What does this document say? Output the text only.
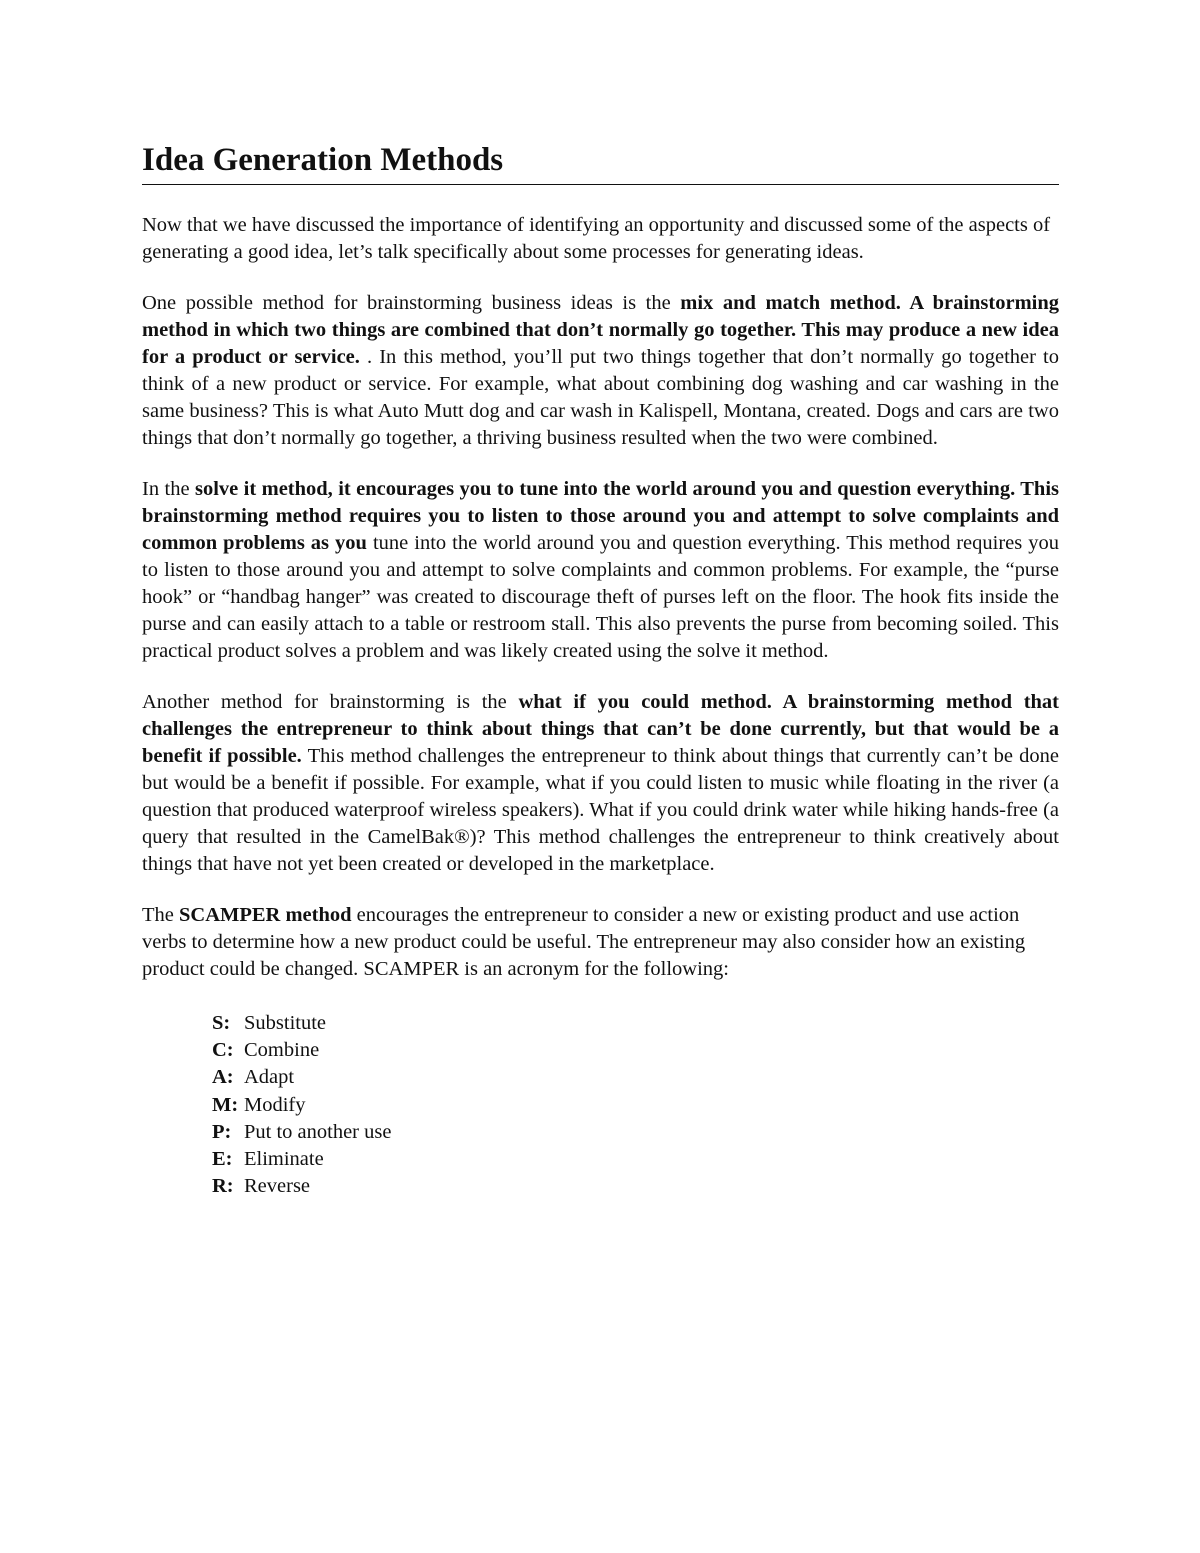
Idea Generation Methods

Now that we have discussed the importance of identifying an opportunity and discussed some of the aspects of generating a good idea, let’s talk specifically about some processes for generating ideas.

One possible method for brainstorming business ideas is the mix and match method. A brainstorming method in which two things are combined that don’t normally go together. This may produce a new idea for a product or service. . In this method, you’ll put two things together that don’t normally go together to think of a new product or service. For example, what about combining dog washing and car washing in the same business? This is what Auto Mutt dog and car wash in Kalispell, Montana, created. Dogs and cars are two things that don’t normally go together, a thriving business resulted when the two were combined.

In the solve it method, it encourages you to tune into the world around you and question everything. This brainstorming method requires you to listen to those around you and attempt to solve complaints and common problems as you tune into the world around you and question everything. This method requires you to listen to those around you and attempt to solve complaints and common problems. For example, the “purse hook” or “handbag hanger” was created to discourage theft of purses left on the floor. The hook fits inside the purse and can easily attach to a table or restroom stall. This also prevents the purse from becoming soiled. This practical product solves a problem and was likely created using the solve it method.

Another method for brainstorming is the what if you could method. A brainstorming method that challenges the entrepreneur to think about things that can’t be done currently, but that would be a benefit if possible. This method challenges the entrepreneur to think about things that currently can’t be done but would be a benefit if possible. For example, what if you could listen to music while floating in the river (a question that produced waterproof wireless speakers). What if you could drink water while hiking hands-free (a query that resulted in the CamelBak®)? This method challenges the entrepreneur to think creatively about things that have not yet been created or developed in the marketplace.

The SCAMPER method encourages the entrepreneur to consider a new or existing product and use action verbs to determine how a new product could be useful. The entrepreneur may also consider how an existing product could be changed. SCAMPER is an acronym for the following:

S: Substitute
C: Combine
A: Adapt
M: Modify
P: Put to another use
E: Eliminate
R: Reverse
